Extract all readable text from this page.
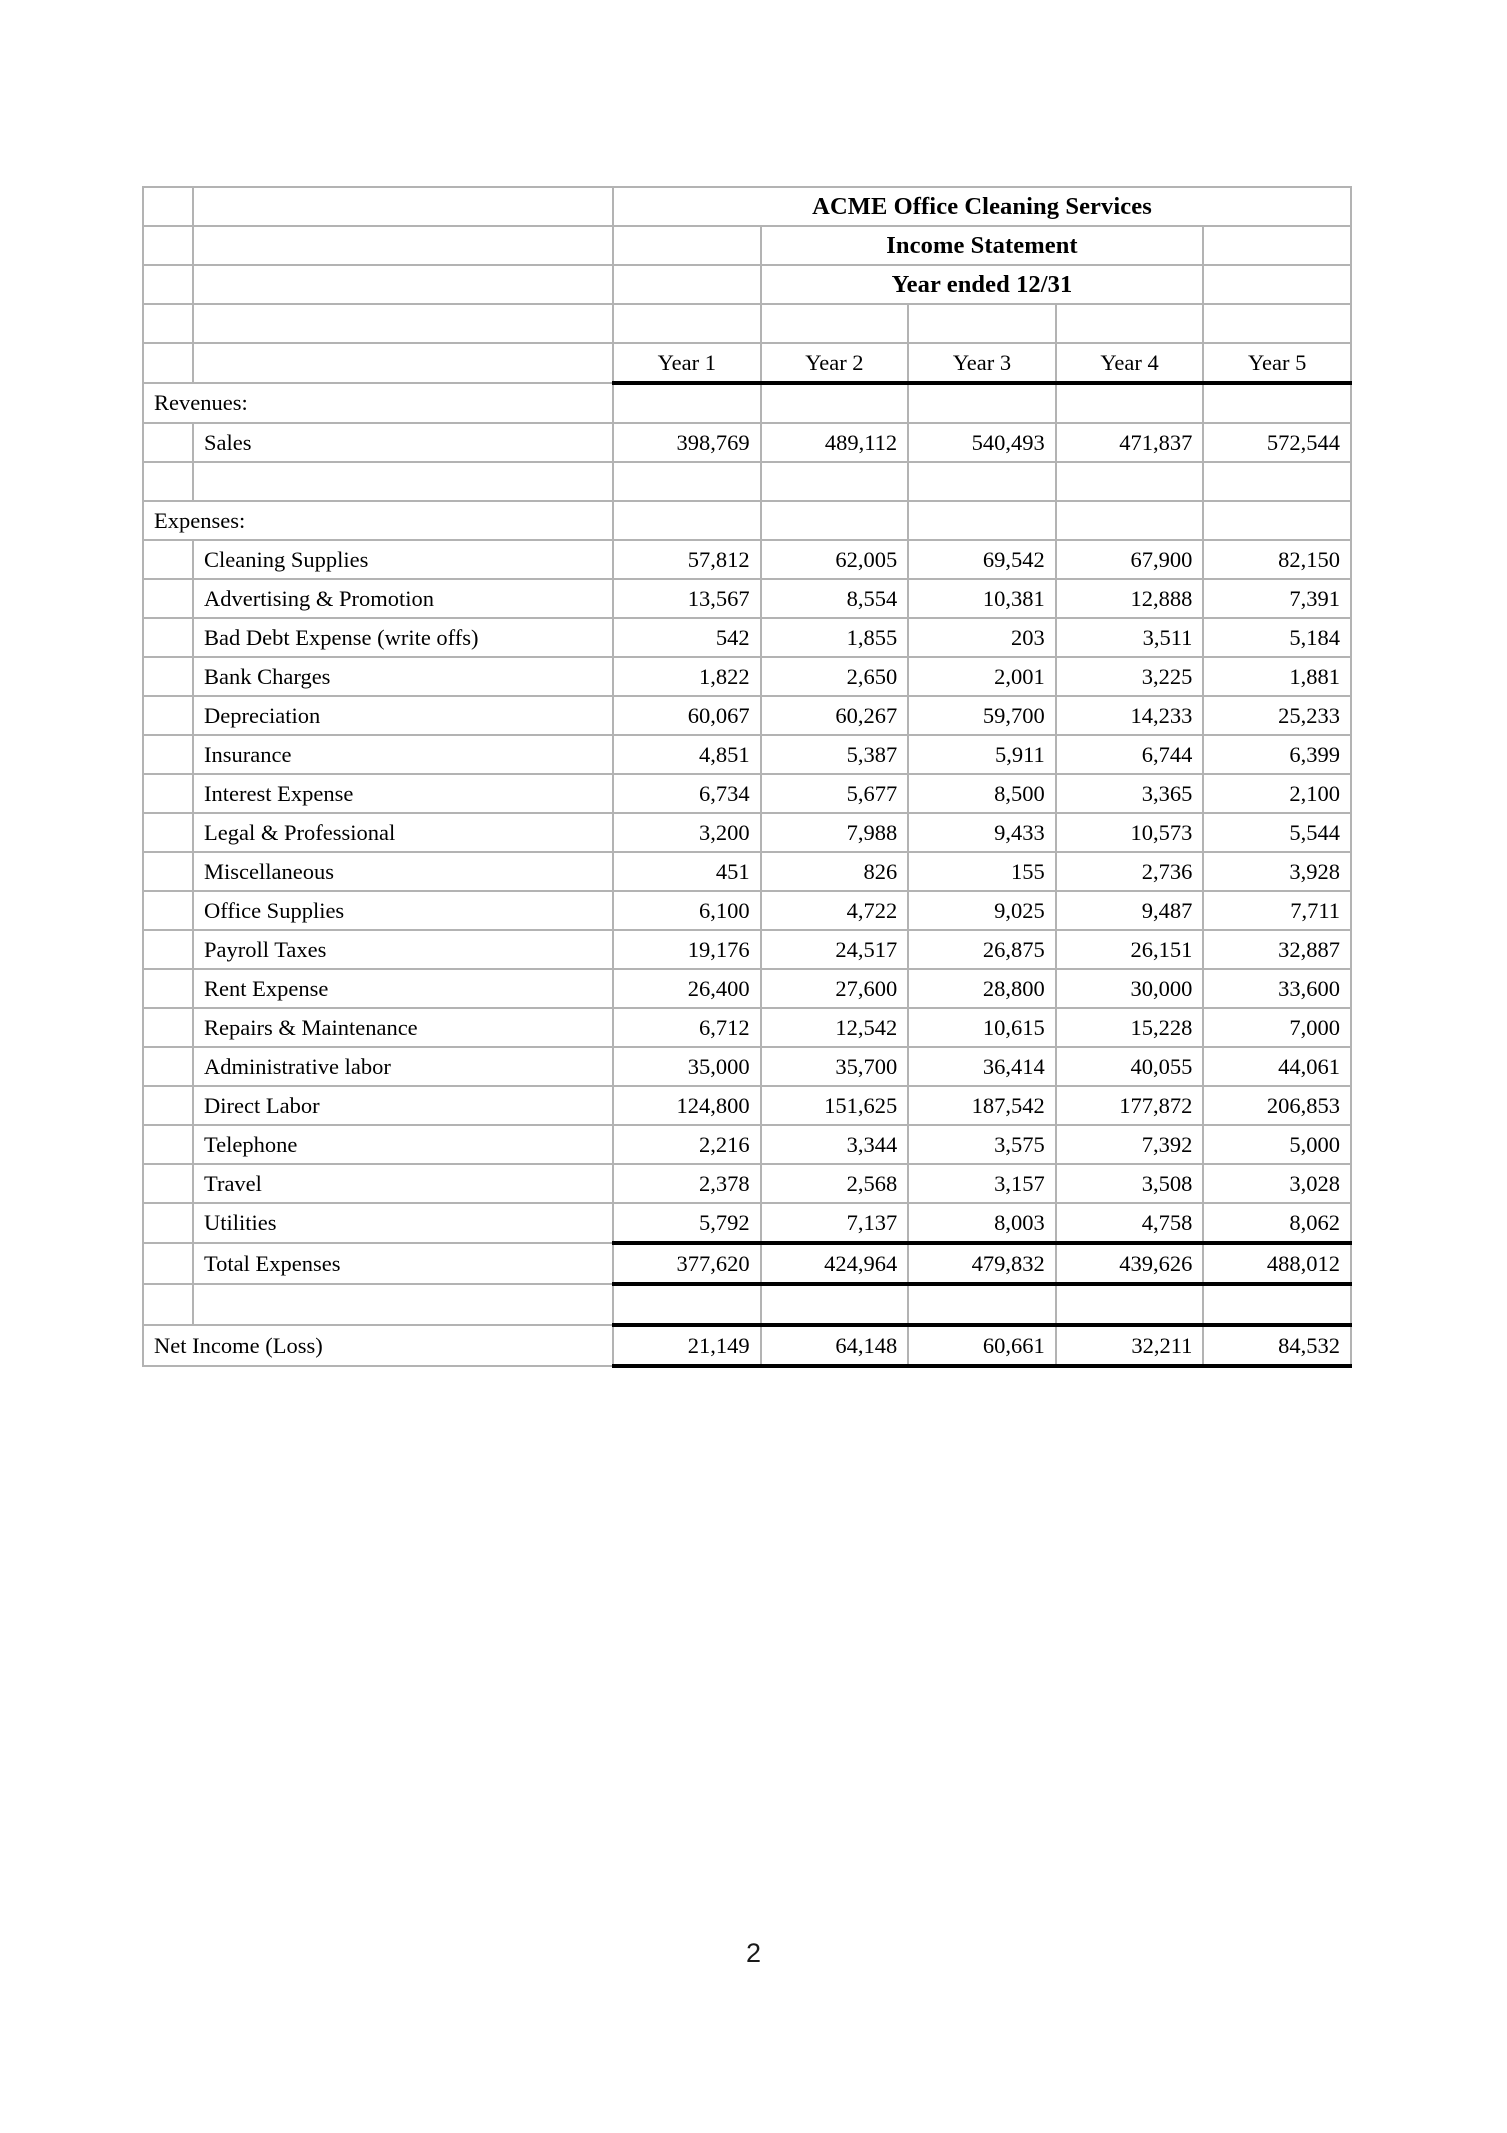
		ACME Office Cleaning Services
			Income Statement	
			Year ended 12/31	

		Year 1	Year 2	Year 3	Year 4	Year 5
Revenues:					
	Sales	398,769	489,112	540,493	471,837	572,544

Expenses:					
	Cleaning Supplies	57,812	62,005	69,542	67,900	82,150
	Advertising & Promotion	13,567	8,554	10,381	12,888	7,391
	Bad Debt Expense (write offs)	542	1,855	203	3,511	5,184
	Bank Charges	1,822	2,650	2,001	3,225	1,881
	Depreciation	60,067	60,267	59,700	14,233	25,233
	Insurance	4,851	5,387	5,911	6,744	6,399
	Interest Expense	6,734	5,677	8,500	3,365	2,100
	Legal & Professional	3,200	7,988	9,433	10,573	5,544
	Miscellaneous	451	826	155	2,736	3,928
	Office Supplies	6,100	4,722	9,025	9,487	7,711
	Payroll Taxes	19,176	24,517	26,875	26,151	32,887
	Rent Expense	26,400	27,600	28,800	30,000	33,600
	Repairs & Maintenance	6,712	12,542	10,615	15,228	7,000
	Administrative labor	35,000	35,700	36,414	40,055	44,061
	Direct Labor	124,800	151,625	187,542	177,872	206,853
	Telephone	2,216	3,344	3,575	7,392	5,000
	Travel	2,378	2,568	3,157	3,508	3,028
	Utilities	5,792	7,137	8,003	4,758	8,062
	Total Expenses	377,620	424,964	479,832	439,626	488,012

Net Income (Loss)	21,149	64,148	60,661	32,211	84,532
2
